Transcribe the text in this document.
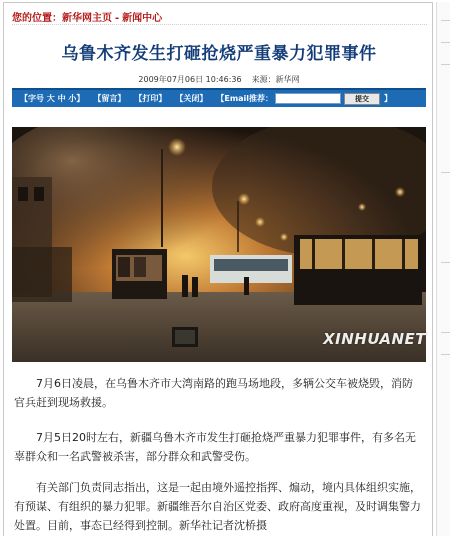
您的位置：新华网主页 - 新闻中心
乌鲁木齐发生打砸抢烧严重暴力犯罪事件
2009年07月06日 10:46:36 来源：新华网
【字号 大 中 小】 【留言】 【打印】 【关闭】 【Email推荐：	提交	】
XINHUANET
7月6日凌晨，在乌鲁木齐市大湾南路的跑马场地段，多辆公交车被烧毁，消防官兵赶到现场救援。
7月5日20时左右，新疆乌鲁木齐市发生打砸抢烧严重暴力犯罪事件，有多名无辜群众和一名武警被杀害，部分群众和武警受伤。
有关部门负责同志指出，这是一起由境外遥控指挥、煽动，境内具体组织实施，有预谋、有组织的暴力犯罪。新疆维吾尔自治区党委、政府高度重视，及时调集警力处置。目前，事态已经得到控制。新华社记者沈桥摄
